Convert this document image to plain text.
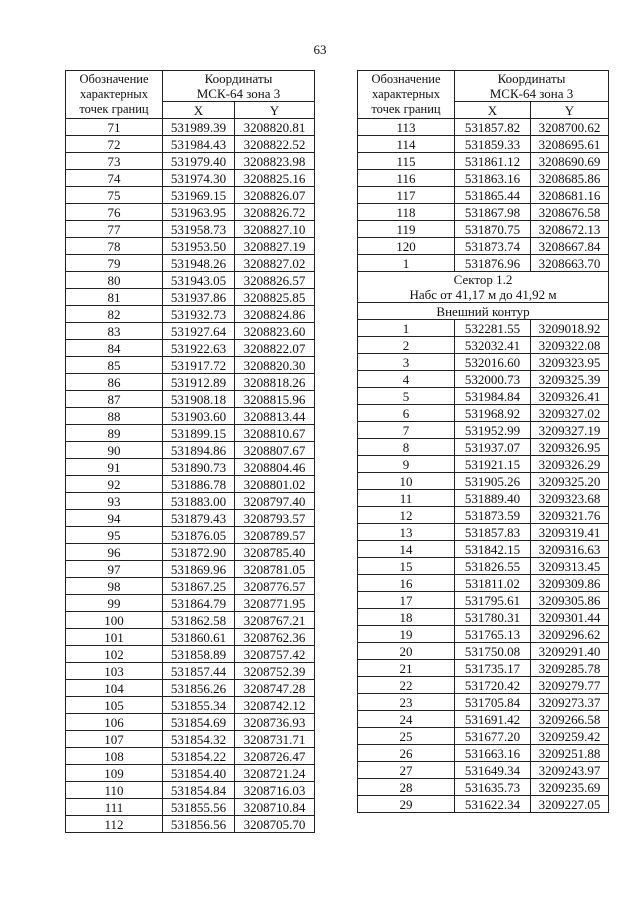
63
Обозначение
характерных
точек границ	Координаты
МСК-64 зона 3	
	X	Y
71	531989.39	3208820.81
72	531984.43	3208822.52
73	531979.40	3208823.98
74	531974.30	3208825.16
75	531969.15	3208826.07
76	531963.95	3208826.72
77	531958.73	3208827.10
78	531953.50	3208827.19
79	531948.26	3208827.02
80	531943.05	3208826.57
81	531937.86	3208825.85
82	531932.73	3208824.86
83	531927.64	3208823.60
84	531922.63	3208822.07
85	531917.72	3208820.30
86	531912.89	3208818.26
87	531908.18	3208815.96
88	531903.60	3208813.44
89	531899.15	3208810.67
90	531894.86	3208807.67
91	531890.73	3208804.46
92	531886.78	3208801.02
93	531883.00	3208797.40
94	531879.43	3208793.57
95	531876.05	3208789.57
96	531872.90	3208785.40
97	531869.96	3208781.05
98	531867.25	3208776.57
99	531864.79	3208771.95
100	531862.58	3208767.21
101	531860.61	3208762.36
102	531858.89	3208757.42
103	531857.44	3208752.39
104	531856.26	3208747.28
105	531855.34	3208742.12
106	531854.69	3208736.93
107	531854.32	3208731.71
108	531854.22	3208726.47
109	531854.40	3208721.24
110	531854.84	3208716.03
111	531855.56	3208710.84
112	531856.56	3208705.70
Обозначение
характерных
точек границ	Координаты
МСК-64 зона 3	
	X	Y
113	531857.82	3208700.62
114	531859.33	3208695.61
115	531861.12	3208690.69
116	531863.16	3208685.86
117	531865.44	3208681.16
118	531867.98	3208676.58
119	531870.75	3208672.13
120	531873.74	3208667.84
1	531876.96	3208663.70
Сектор 1.2
Набс от 41,17 м до 41,92 м		
Внешний контур		
1	532281.55	3209018.92
2	532032.41	3209322.08
3	532016.60	3209323.95
4	532000.73	3209325.39
5	531984.84	3209326.41
6	531968.92	3209327.02
7	531952.99	3209327.19
8	531937.07	3209326.95
9	531921.15	3209326.29
10	531905.26	3209325.20
11	531889.40	3209323.68
12	531873.59	3209321.76
13	531857.83	3209319.41
14	531842.15	3209316.63
15	531826.55	3209313.45
16	531811.02	3209309.86
17	531795.61	3209305.86
18	531780.31	3209301.44
19	531765.13	3209296.62
20	531750.08	3209291.40
21	531735.17	3209285.78
22	531720.42	3209279.77
23	531705.84	3209273.37
24	531691.42	3209266.58
25	531677.20	3209259.42
26	531663.16	3209251.88
27	531649.34	3209243.97
28	531635.73	3209235.69
29	531622.34	3209227.05
